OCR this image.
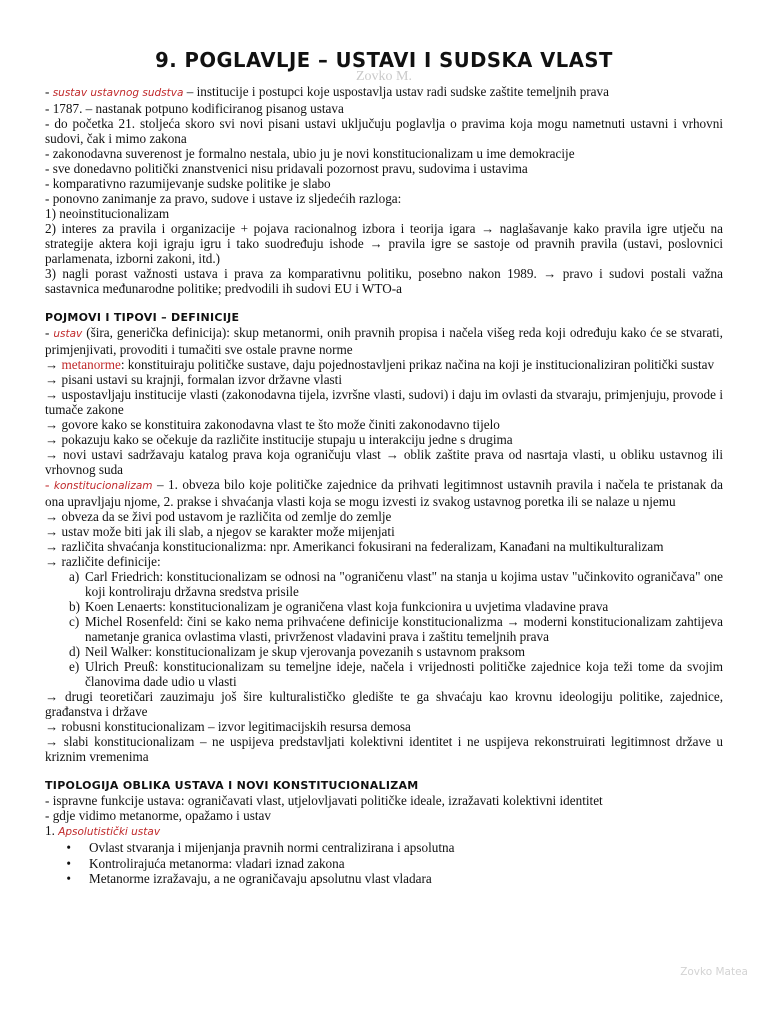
9. POGLAVLJE – USTAVI I SUDSKA VLAST
Zovko M.

- sustav ustavnog sudstva – institucije i postupci koje uspostavlja ustav radi sudske zaštite temeljnih prava

- 1787. – nastanak potpuno kodificiranog pisanog ustava

- do početka 21. stoljeća skoro svi novi pisani ustavi uključuju poglavlja o pravima koja mogu nametnuti ustavni i vrhovni sudovi, čak i mimo zakona

- zakonodavna suverenost je formalno nestala, ubio ju je novi konstitucionalizam u ime demokracije

- sve donedavno politički znanstvenici nisu pridavali pozornost pravu, sudovima i ustavima

- komparativno razumijevanje sudske politike je slabo

- ponovno zanimanje za pravo, sudove i ustave iz sljedećih razloga:

1) neoinstitucionalizam

2) interes za pravila i organizacije + pojava racionalnog izbora i teorija igara → naglašavanje kako pravila igre utječu na strategije aktera koji igraju igru i tako suodređuju ishode → pravila igre se sastoje od pravnih pravila (ustavi, poslovnici parlamenata, izborni zakoni, itd.)

3) nagli porast važnosti ustava i prava za komparativnu politiku, posebno nakon 1989. → pravo i sudovi postali važna sastavnica međunarodne politike; predvodili ih sudovi EU i WTO-a

POJMOVI I TIPOVI – DEFINICIJE

- ustav (šira, generička definicija): skup metanormi, onih pravnih propisa i načela višeg reda koji određuju kako će se stvarati, primjenjivati, provoditi i tumačiti sve ostale pravne norme

→ metanorme: konstituiraju političke sustave, daju pojednostavljeni prikaz načina na koji je institucionaliziran politički sustav

→ pisani ustavi su krajnji, formalan izvor državne vlasti

→ uspostavljaju institucije vlasti (zakonodavna tijela, izvršne vlasti, sudovi) i daju im ovlasti da stvaraju, primjenjuju, provode i tumače zakone

→ govore kako se konstituira zakonodavna vlast te što može činiti zakonodavno tijelo

→ pokazuju kako se očekuje da različite institucije stupaju u interakciju jedne s drugima

→ novi ustavi sadržavaju katalog prava koja ograničuju vlast → oblik zaštite prava od nasrtaja vlasti, u obliku ustavnog ili vrhovnog suda

- konstitucionalizam – 1. obveza bilo koje političke zajednice da prihvati legitimnost ustavnih pravila i načela te pristanak da ona upravljaju njome, 2. prakse i shvaćanja vlasti koja se mogu izvesti iz svakog ustavnog poretka ili se nalaze u njemu

→ obveza da se živi pod ustavom je različita od zemlje do zemlje

→ ustav može biti jak ili slab, a njegov se karakter može mijenjati

→ različita shvaćanja konstitucionalizma: npr. Amerikanci fokusirani na federalizam, Kanađani na multikulturalizam

→ različite definicije:

a) Carl Friedrich: konstitucionalizam se odnosi na "ograničenu vlast" na stanja u kojima ustav "učinkovito ograničava" one koji kontroliraju državna sredstva prisile
b) Koen Lenaerts: konstitucionalizam je ograničena vlast koja funkcionira u uvjetima vladavine prava
c) Michel Rosenfeld: čini se kako nema prihvaćene definicije konstitucionalizma → moderni konstitucionalizam zahtijeva nametanje granica ovlastima vlasti, privrženost vladavini prava i zaštitu temeljnih prava
d) Neil Walker: konstitucionalizam je skup vjerovanja povezanih s ustavnom praksom
e) Ulrich Preuß: konstitucionalizam su temeljne ideje, načela i vrijednosti političke zajednice koja teži tome da svojim članovima dade udio u vlasti

→ drugi teoretičari zauzimaju još šire kulturalističko gledište te ga shvaćaju kao krovnu ideologiju politike, zajednice, građanstva i države

→ robusni konstitucionalizam – izvor legitimacijskih resursa demosa

→ slabi konstitucionalizam – ne uspijeva predstavljati kolektivni identitet i ne uspijeva rekonstruirati legitimnost države u kriznim vremenima

TIPOLOGIJA OBLIKA USTAVA I NOVI KONSTITUCIONALIZAM

- ispravne funkcije ustava: ograničavati vlast, utjelovljavati političke ideale, izražavati kolektivni identitet

- gdje vidimo metanorme, opažamo i ustav

1. Apsolutistički ustav

•	Ovlast stvaranja i mijenjanja pravnih normi centralizirana i apsolutna
•	Kontrolirajuća metanorma: vladari iznad zakona
•	Metanorme izražavaju, a ne ograničavaju apsolutnu vlast vladara
Zovko Matea
